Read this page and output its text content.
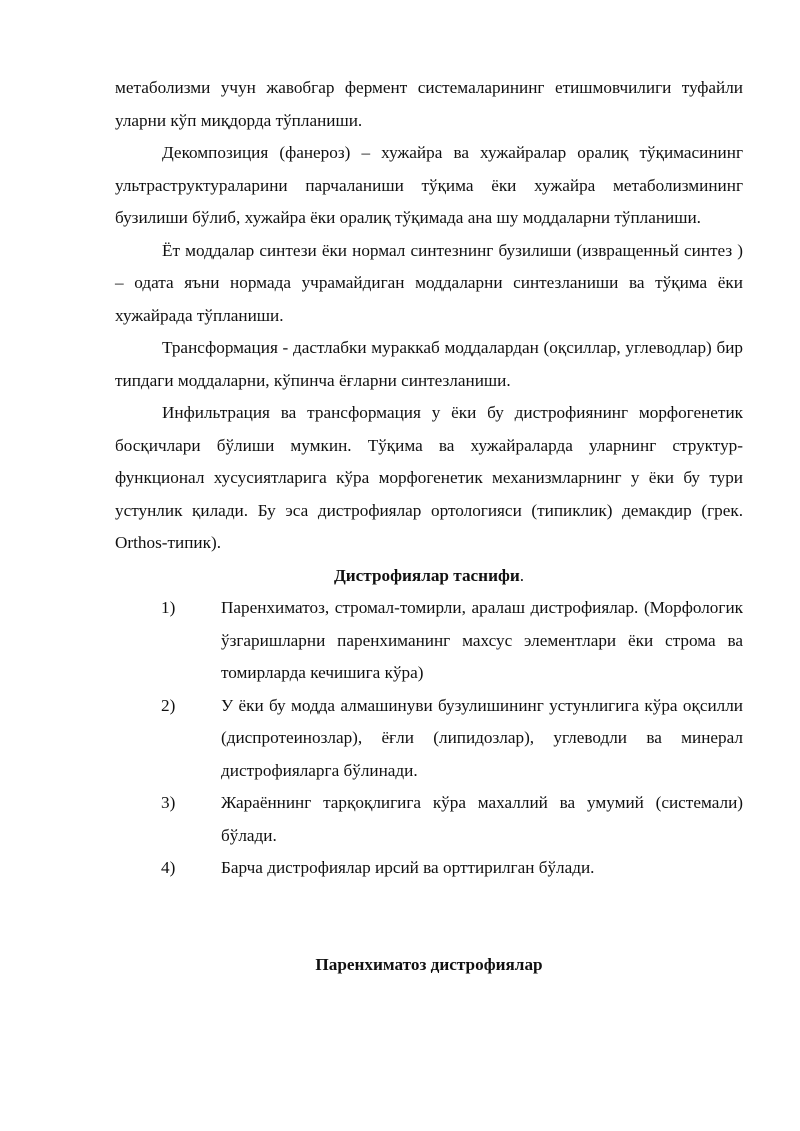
метаболизми учун жавобгар фермент системаларининг етишмовчилиги туфайли уларни кўп миқдорда тўпланиши.

Декомпозиция (фанероз) – хужайра ва хужайралар оралиқ тўқимасининг ультраструктураларини парчаланиши тўқима ёки хужайра метаболизмининг бузилиши бўлиб, хужайра ёки оралиқ тўқимада ана шу моддаларни тўпланиши.

Ёт моддалар синтези ёки нормал синтезнинг бузилиши (извращенньй синтез ) – одата яъни нормада учрамайдиган моддаларни синтезланиши ва тўқима ёки хужайрада тўпланиши.

Трансформация - дастлабки мураккаб моддалардан (оқсиллар, углеводлар) бир типдаги моддаларни, кўпинча ёғларни синтезланиши.

Инфильтрация ва трансформация у ёки бу дистрофиянинг морфогенетик босқичлари бўлиши мумкин. Тўқима ва хужайраларда уларнинг структур-функционал хусусиятларига кўра морфогенетик механизмларнинг у ёки бу тури устунлик қилади. Бу эса дистрофиялар ортологияси (типиклик) демакдир (грек. Orthos-типик).

Дистрофиялар таснифи.

1)	Паренхиматоз, стромал-томирли, аралаш дистрофиялар. (Морфологик ўзгаришларни паренхиманинг махсус элементлари ёки строма ва томирларда кечишига кўра)
2)	У ёки бу модда алмашинуви бузулишининг устунлигига кўра оқсилли (диспротеинозлар), ёғли (липидозлар), углеводли ва минерал дистрофияларга бўлинади.
3)	Жараённинг тарқоқлигига кўра махаллий ва умумий (системали) бўлади.
4)	Барча дистрофиялар ирсий ва орттирилган бўлади.

Паренхиматоз дистрофиялар
